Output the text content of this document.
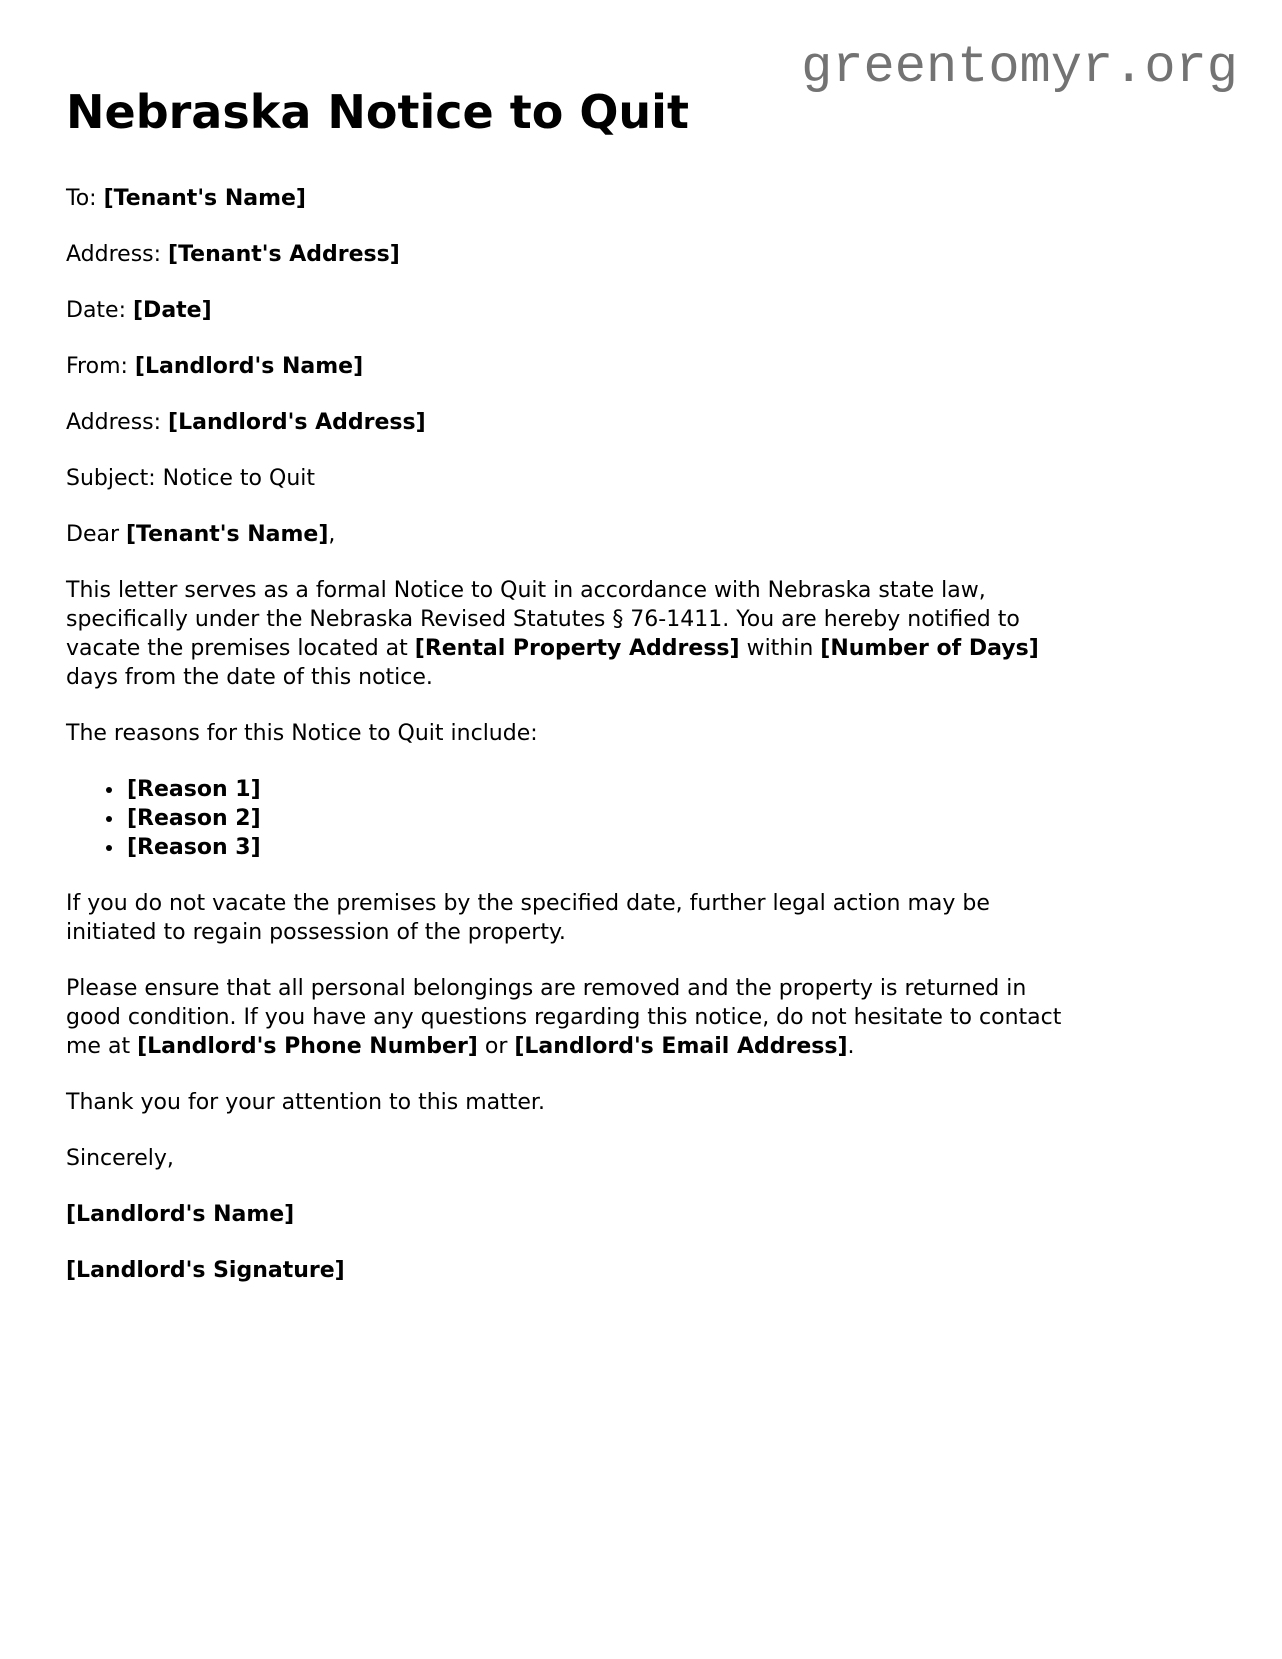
greentomyr.org
Nebraska Notice to Quit

To: [Tenant's Name]

Address: [Tenant's Address]

Date: [Date]

From: [Landlord's Name]

Address: [Landlord's Address]

Subject: Notice to Quit

Dear [Tenant's Name],

This letter serves as a formal Notice to Quit in accordance with Nebraska state law, specifically under the Nebraska Revised Statutes § 76-1411. You are hereby notified to vacate the premises located at [Rental Property Address] within [Number of Days] days from the date of this notice.

The reasons for this Notice to Quit include:

• [Reason 1]
• [Reason 2]
• [Reason 3]

If you do not vacate the premises by the specified date, further legal action may be initiated to regain possession of the property.

Please ensure that all personal belongings are removed and the property is returned in good condition. If you have any questions regarding this notice, do not hesitate to contact me at [Landlord's Phone Number] or [Landlord's Email Address].

Thank you for your attention to this matter.

Sincerely,

[Landlord's Name]

[Landlord's Signature]
